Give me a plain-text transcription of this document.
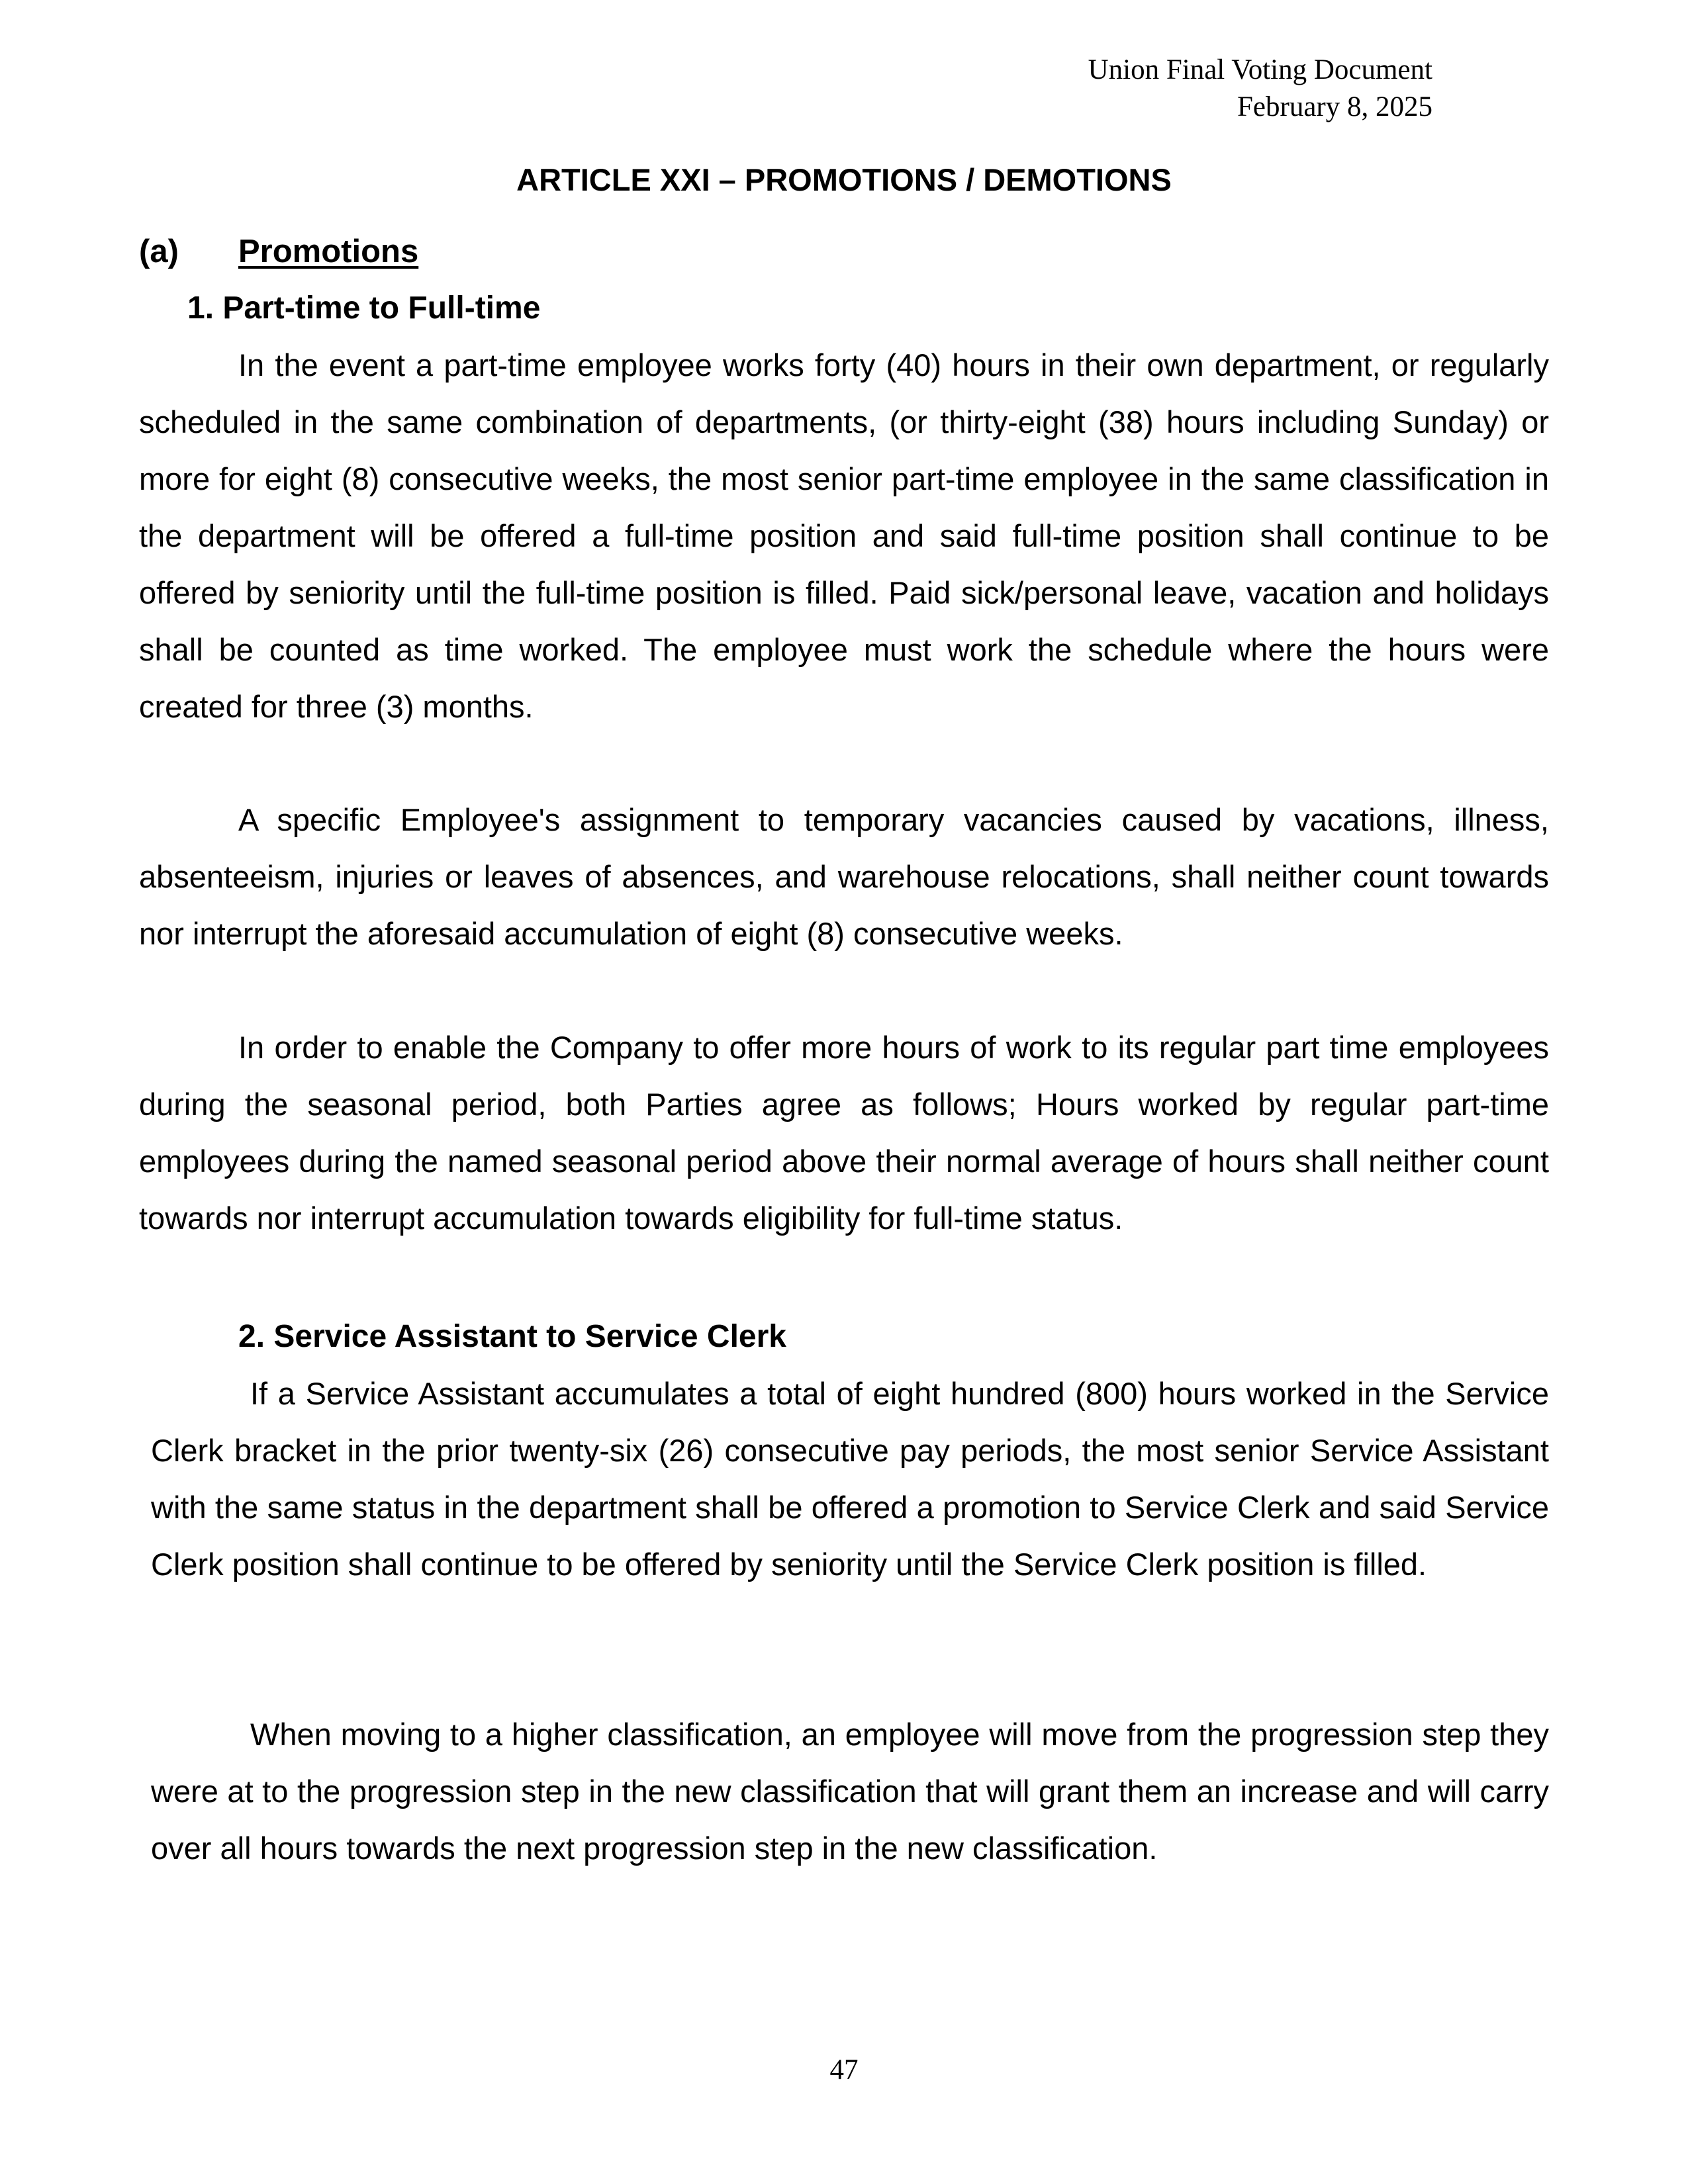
Union Final Voting Document
February 8, 2025
ARTICLE XXI – PROMOTIONS / DEMOTIONS
(a) Promotions
1. Part-time to Full-time

In the event a part-time employee works forty (40) hours in their own department, or regularly scheduled in the same combination of departments, (or thirty-eight (38) hours including Sunday) or more for eight (8) consecutive weeks, the most senior part-time employee in the same classification in the department will be offered a full-time position and said full-time position shall continue to be offered by seniority until the full-time position is filled. Paid sick/personal leave, vacation and holidays shall be counted as time worked. The employee must work the schedule where the hours were created for three (3) months.

A specific Employee's assignment to temporary vacancies caused by vacations, illness, absenteeism, injuries or leaves of absences, and warehouse relocations, shall neither count towards nor interrupt the aforesaid accumulation of eight (8) consecutive weeks.

In order to enable the Company to offer more hours of work to its regular part time employees during the seasonal period, both Parties agree as follows; Hours worked by regular part-time employees during the named seasonal period above their normal average of hours shall neither count towards nor interrupt accumulation towards eligibility for full-time status.

2. Service Assistant to Service Clerk

If a Service Assistant accumulates a total of eight hundred (800) hours worked in the Service Clerk bracket in the prior twenty-six (26) consecutive pay periods, the most senior Service Assistant with the same status in the department shall be offered a promotion to Service Clerk and said Service Clerk position shall continue to be offered by seniority until the Service Clerk position is filled.

When moving to a higher classification, an employee will move from the progression step they were at to the progression step in the new classification that will grant them an increase and will carry over all hours towards the next progression step in the new classification.

47
